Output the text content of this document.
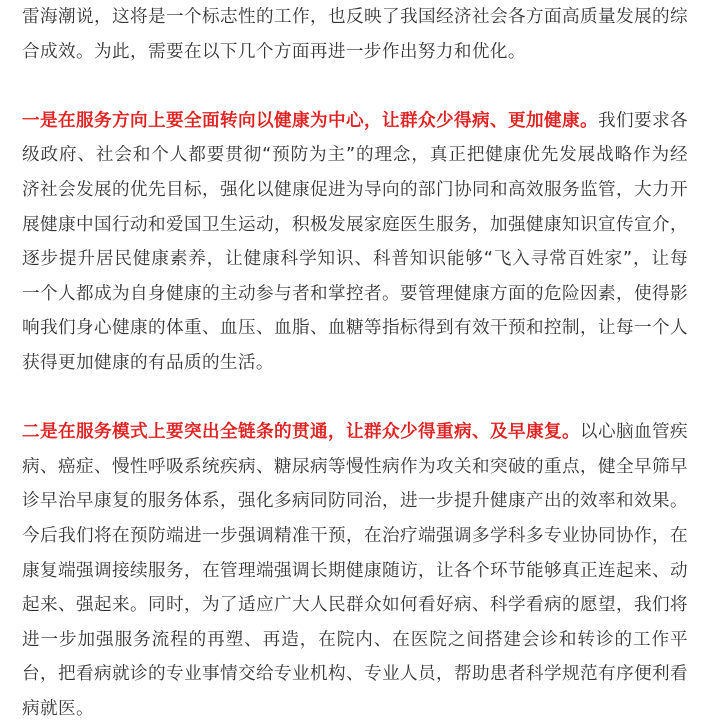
雷海潮说，这将是一个标志性的工作，也反映了我国经济社会各方面高质量发展的综合成效。为此，需要在以下几个方面再进一步作出努力和优化。

一是在服务方向上要全面转向以健康为中心，让群众少得病、更加健康。我们要求各级政府、社会和个人都要贯彻“预防为主”的理念，真正把健康优先发展战略作为经济社会发展的优先目标，强化以健康促进为导向的部门协同和高效服务监管，大力开展健康中国行动和爱国卫生运动，积极发展家庭医生服务，加强健康知识宣传宣介，逐步提升居民健康素养，让健康科学知识、科普知识能够“飞入寻常百姓家”，让每一个人都成为自身健康的主动参与者和掌控者。要管理健康方面的危险因素，使得影响我们身心健康的体重、血压、血脂、血糖等指标得到有效干预和控制，让每一个人获得更加健康的有品质的生活。

二是在服务模式上要突出全链条的贯通，让群众少得重病、及早康复。以心脑血管疾病、癌症、慢性呼吸系统疾病、糖尿病等慢性病作为攻关和突破的重点，健全早筛早诊早治早康复的服务体系，强化多病同防同治，进一步提升健康产出的效率和效果。今后我们将在预防端进一步强调精准干预，在治疗端强调多学科多专业协同协作，在康复端强调接续服务，在管理端强调长期健康随访，让各个环节能够真正连起来、动起来、强起来。同时，为了适应广大人民群众如何看好病、科学看病的愿望，我们将进一步加强服务流程的再塑、再造，在院内、在医院之间搭建会诊和转诊的工作平台，把看病就诊的专业事情交给专业机构、专业人员，帮助患者科学规范有序便利看病就医。
